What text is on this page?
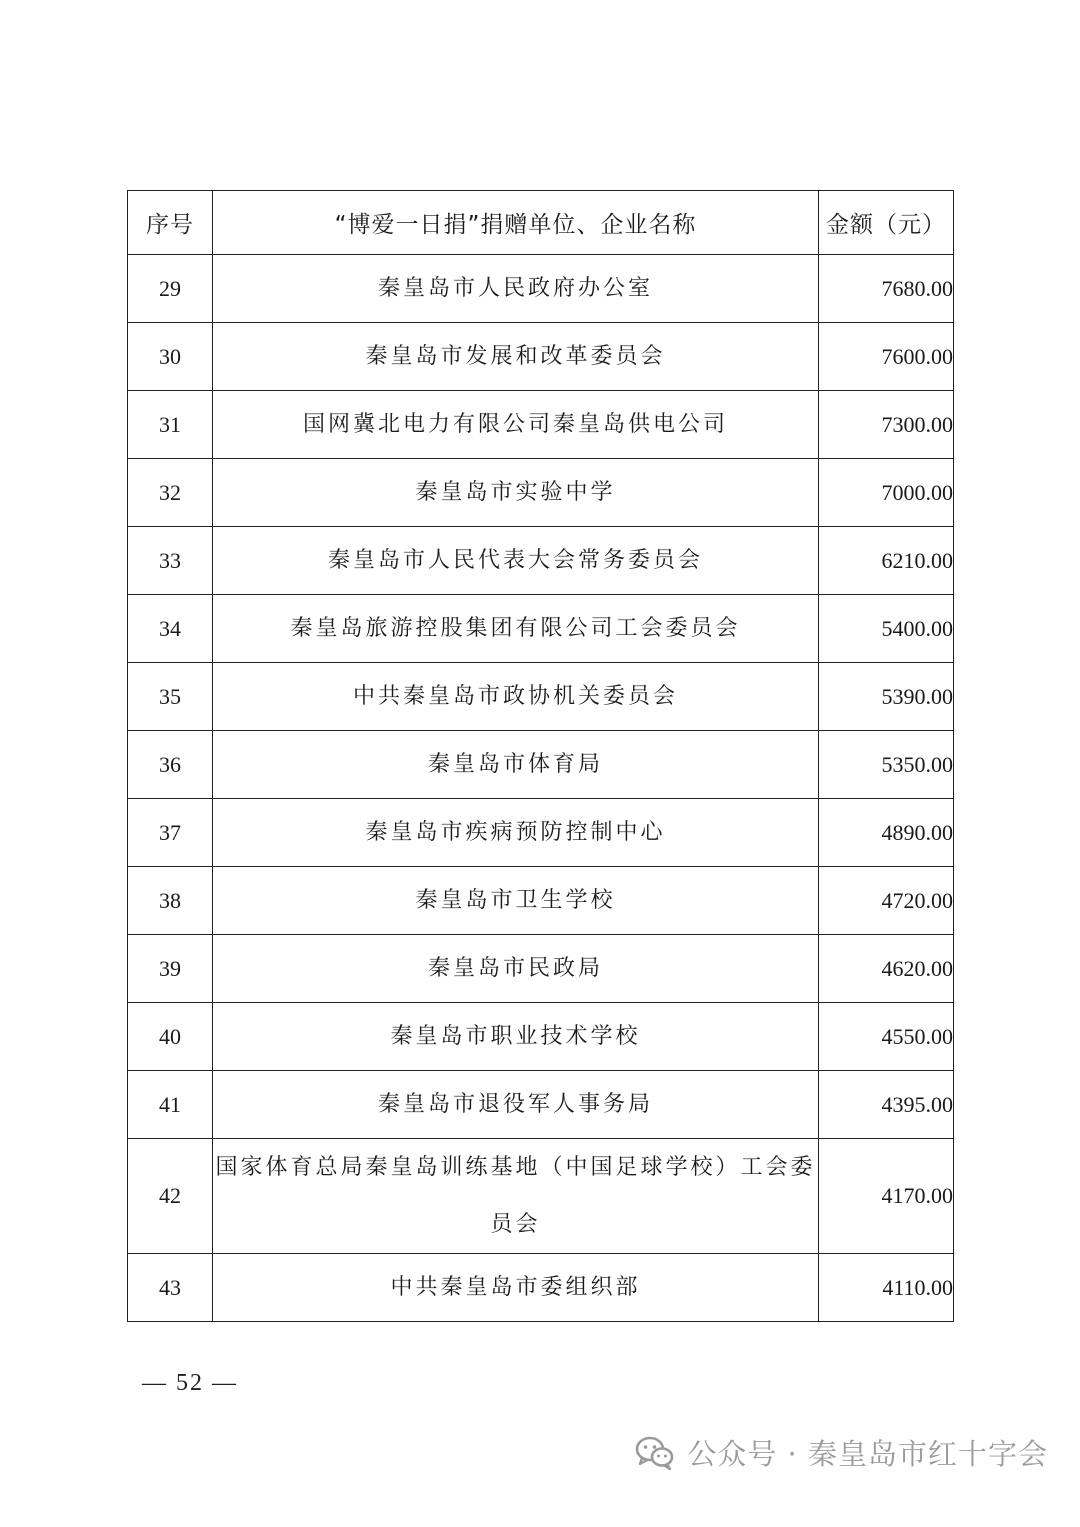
序号	“博爱一日捐”捐赠单位、企业名称	金额（元）
29	秦皇岛市人民政府办公室	7680.00
30	秦皇岛市发展和改革委员会	7600.00
31	国网冀北电力有限公司秦皇岛供电公司	7300.00
32	秦皇岛市实验中学	7000.00
33	秦皇岛市人民代表大会常务委员会	6210.00
34	秦皇岛旅游控股集团有限公司工会委员会	5400.00
35	中共秦皇岛市政协机关委员会	5390.00
36	秦皇岛市体育局	5350.00
37	秦皇岛市疾病预防控制中心	4890.00
38	秦皇岛市卫生学校	4720.00
39	秦皇岛市民政局	4620.00
40	秦皇岛市职业技术学校	4550.00
41	秦皇岛市退役军人事务局	4395.00
42	国家体育总局秦皇岛训练基地（中国足球学校）工会委员会	4170.00
43	中共秦皇岛市委组织部	4110.00
— 52 —
公众号 · 秦皇岛市红十字会
